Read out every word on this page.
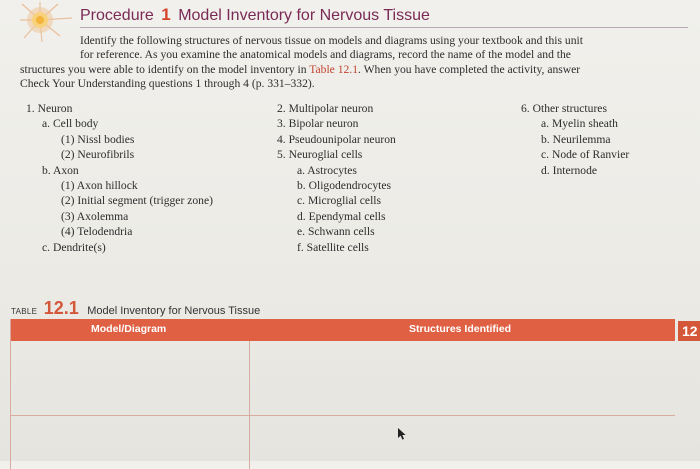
Procedure 1 Model Inventory for Nervous Tissue

Identify the following structures of nervous tissue on models and diagrams using your textbook and this unit
for reference. As you examine the anatomical models and diagrams, record the name of the model and the
structures you were able to identify on the model inventory in Table 12.1. When you have completed the activity, answer
Check Your Understanding questions 1 through 4 (p. 331–332).

1. Neuron
a. Cell body
(1) Nissl bodies
(2) Neurofibrils
b. Axon
(1) Axon hillock
(2) Initial segment (trigger zone)
(3) Axolemma
(4) Telodendria
c. Dendrite(s)
2. Multipolar neuron
3. Bipolar neuron
4. Pseudounipolar neuron
5. Neuroglial cells
a. Astrocytes
b. Oligodendrocytes
c. Microglial cells
d. Ependymal cells
e. Schwann cells
f. Satellite cells
6. Other structures
a. Myelin sheath
b. Neurilemma
c. Node of Ranvier
d. Internode
TABLE 12.1 Model Inventory for Nervous Tissue
Model/Diagram	Structures Identified	12
